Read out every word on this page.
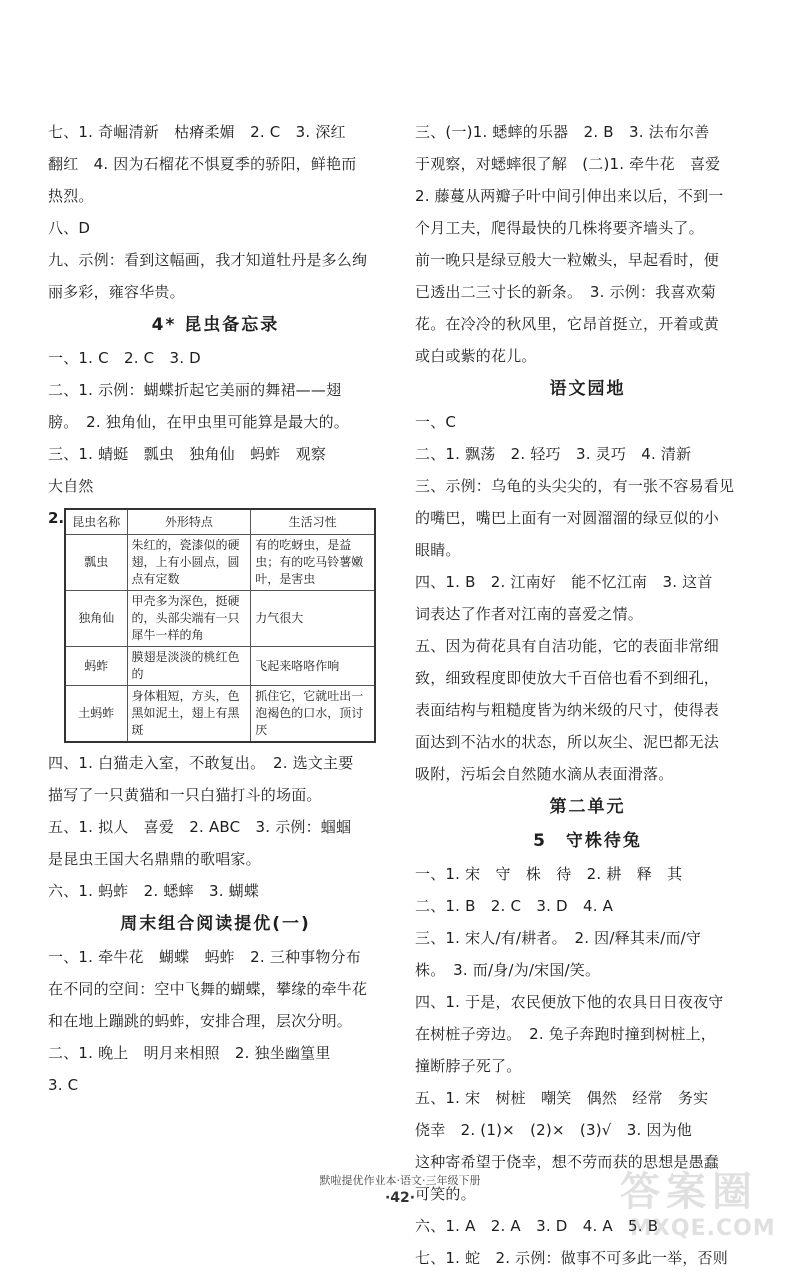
七、1. 奇崛清新　枯瘠柔媚　2. C　3. 深红
翻红　4. 因为石榴花不惧夏季的骄阳，鲜艳而
热烈。
八、D
九、示例：看到这幅画，我才知道牡丹是多么绚
丽多彩，雍容华贵。
4* 昆虫备忘录
一、1. C　2. C　3. D
二、1. 示例：蝴蝶折起它美丽的舞裙——翅
膀。　2. 独角仙，在甲虫里可能算是最大的。
三、1. 蜻蜓　瓢虫　独角仙　蚂蚱　观察
大自然
2. 昆虫名称	外形特点	生活习性
瓢虫	朱红的，瓷漆似的硬翅，上有小圆点，圆点有定数	有的吃蚜虫，是益虫；有的吃马铃薯嫩叶，是害虫
独角仙	甲壳多为深色，挺硬的，头部尖端有一只犀牛一样的角	力气很大
蚂蚱	膜翅是淡淡的桃红色的	飞起来咯咯作响
土蚂蚱	身体粗短，方头，色黑如泥土，翅上有黑斑	抓住它，它就吐出一泡褐色的口水，顶讨厌
四、1. 白猫走入室，不敢复出。　2. 选文主要
描写了一只黄猫和一只白猫打斗的场面。
五、1. 拟人　喜爱　2. ABC　3. 示例：蝈蝈
是昆虫王国大名鼎鼎的歌唱家。
六、1. 蚂蚱　2. 蟋蟀　3. 蝴蝶
周末组合阅读提优(一)
一、1. 牵牛花　蝴蝶　蚂蚱　2. 三种事物分布
在不同的空间：空中飞舞的蝴蝶，攀缘的牵牛花
和在地上蹦跳的蚂蚱，安排合理，层次分明。
二、1. 晚上　明月来相照　2. 独坐幽篁里
3. C
三、(一)1. 蟋蟀的乐器　2. B　3. 法布尔善
于观察，对蟋蟀很了解　(二)1. 牵牛花　喜爱
2. 藤蔓从两瓣子叶中间引伸出来以后，不到一
个月工夫，爬得最快的几株将要齐墙头了。
前一晚只是绿豆般大一粒嫩头，早起看时，便
已透出二三寸长的新条。　3. 示例：我喜欢菊
花。在冷冷的秋风里，它昂首挺立，开着或黄
或白或紫的花儿。
语文园地
一、C
二、1. 飘荡　2. 轻巧　3. 灵巧　4. 清新
三、示例：乌龟的头尖尖的，有一张不容易看见
的嘴巴，嘴巴上面有一对圆溜溜的绿豆似的小
眼睛。
四、1. B　2. 江南好　能不忆江南　3. 这首
词表达了作者对江南的喜爱之情。
五、因为荷花具有自洁功能，它的表面非常细
致，细致程度即使放大千百倍也看不到细孔，
表面结构与粗糙度皆为纳米级的尺寸，使得表
面达到不沾水的状态，所以灰尘、泥巴都无法
吸附，污垢会自然随水滴从表面滑落。
第二单元
5　守株待兔
一、1. 宋　守　株　待　2. 耕　释　其
二、1. B　2. C　3. D　4. A
三、1. 宋人/有/耕者。　2. 因/释其耒/而/守
株。　3. 而/身/为/宋国/笑。
四、1. 于是，农民便放下他的农具日日夜夜守
在树桩子旁边。　2. 兔子奔跑时撞到树桩上，
撞断脖子死了。
五、1. 宋　树桩　嘲笑　偶然　经常　务实
侥幸　2. (1)×　(2)×　(3)√　3. 因为他
这种寄希望于侥幸，想不劳而获的思想是愚蠢
可笑的。
六、1. A　2. A　3. D　4. A　5. B
七、1. 蛇　2. 示例：做事不可多此一举，否则
默啦提优作业本·语文·三年级下册
·42·	答案圈
MXQE.COM
